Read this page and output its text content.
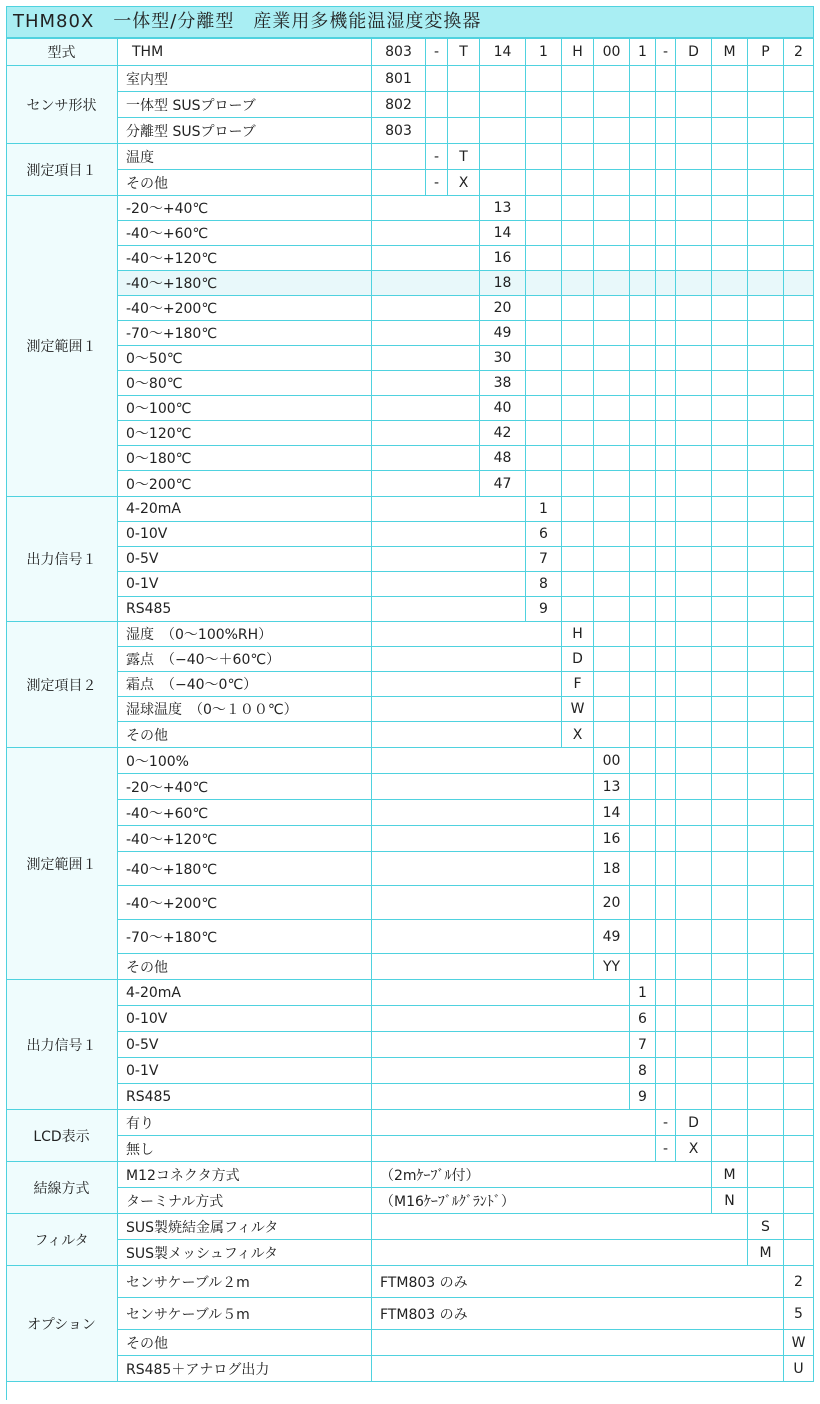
THM80X　一体型/分離型　産業用多機能温湿度変換器
型式	THM	803	-	T	14	1	H	00	1	-	D	M	P	2
センサ形状
室内型	801
一体型 SUSプローブ	802
分離型 SUSプローブ	803
測定項目１
温度	-	T
その他	-	X
測定範囲１
-20～+40℃	13
-40～+60℃	14
-40～+120℃	16
-40～+180℃	18
-40～+200℃	20
-70～+180℃	49
0～50℃	30
0～80℃	38
0～100℃	40
0～120℃	42
0～180℃	48
0～200℃	47
出力信号１
4-20mA	1
0-10V	6
0-5V	7
0-1V	8
RS485	9
測定項目２
湿度　（0～100%RH）	H
露点　（−40～＋60℃）	D
霜点　（−40～0℃）	F
湿球温度　（0～１００℃）	W
その他	X
測定範囲１
0～100%	00
-20～+40℃	13
-40～+60℃	14
-40～+120℃	16
-40～+180℃	18
-40～+200℃	20
-70～+180℃	49
その他	YY
出力信号１
4-20mA	1
0-10V	6
0-5V	7
0-1V	8
RS485	9
LCD表示
有り	-	D
無し	-	X
結線方式
M12コネクタ方式	（2mｹｰﾌﾞﾙ付）	M
ターミナル方式	（M16ｹｰﾌﾞﾙｸﾞﾗﾝﾄﾞ）	N
フィルタ
SUS製焼結金属フィルタ	S
SUS製メッシュフィルタ	M
オプション
センサケーブル２m	FTM803 のみ	2
センサケーブル５m	FTM803 のみ	5
その他	W
RS485＋アナログ出力	U
